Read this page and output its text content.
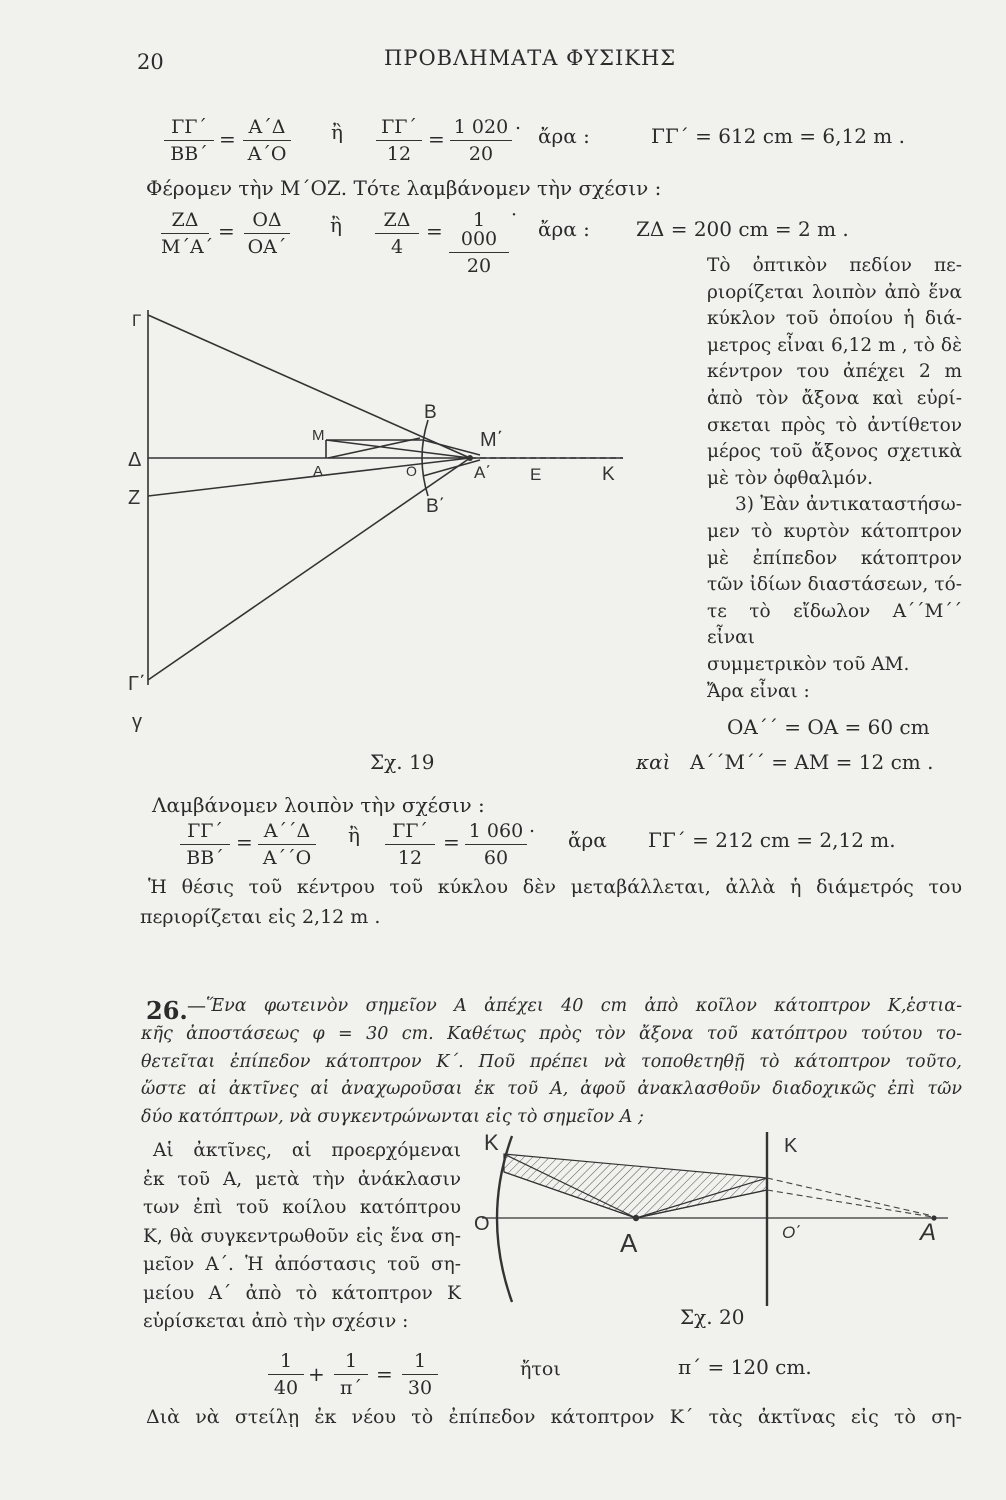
20	ΠΡΟΒΛΗΜΑΤΑ ΦΥΣΙΚΗΣ
$\frac{\Gamma\Gamma΄}{BB΄} = \frac{A΄\Delta}{A΄O}$ ἢ $\frac{\Gamma\Gamma΄}{12} = \frac{1 020}{20}$ .
ἄρα :	ΓΓ΄ = 612 cm = 6,12 m .
Φέρομεν τὴν Μ΄ΟΖ. Τότε λαμβάνομεν τὴν σχέσιν :
$\frac{Z\Delta}{M΄A΄} = \frac{O\Delta}{OA΄}$ ἢ $\frac{Z\Delta}{4} = \frac{1 000}{20}$ ·
ἄρα : ΖΔ = 200 cm = 2 m .
Τὸ ὀπτικὸν πεδίον πε-
ριορίζεται λοιπὸν ἀπὸ ἕνα
κύκλον τοῦ ὁποίου ἡ διά-
μετρος εἶναι 6,12 m , τὸ δὲ
κέντρον του ἀπέχει 2 m
ἀπὸ τὸν ἄξονα καὶ εὑρί-
σκεται πρὸς τὸ ἀντίθετον
μέρος τοῦ ἄξονος σχετικὰ
μὲ τὸν ὀφθαλμόν.
3) Ἐὰν ἀντικαταστήσω-
μεν τὸ κυρτὸν κάτοπτρον
μὲ ἐπίπεδον κάτοπτρον
τῶν ἰδίων διαστάσεων, τό-
τε τὸ εἴδωλον Α΄΄Μ΄΄ εἶναι
συμμετρικὸν τοῦ ΑΜ.
Ἄρα εἶναι :
ΟΑ΄΄ = ΟΑ = 60 cm
καὶ Α΄΄Μ΄΄ = ΑΜ = 12 cm .
Γ
Δ
Ζ
Γ΄
γ
Β
Β΄
Μ
Α	Ο
Μ΄
Α΄ Ε	Κ
Σχ. 19
Λαμβάνομεν λοιπὸν τὴν σχέσιν :
$\frac{\Gamma\Gamma΄}{BB΄} = \frac{A΄΄\Delta}{A΄΄O}$ ἢ $\frac{\Gamma\Gamma΄}{12} = \frac{1 060}{60}$ .
ἄρα ΓΓ΄ = 212 cm = 2,12 m.
Ἡ θέσις τοῦ κέντρου τοῦ κύκλου δὲν μεταβάλλεται, ἀλλὰ ἡ διάμετρός του
περιορίζεται εἰς 2,12 m .
26. — Ἕνα φωτεινὸν σημεῖον Α ἀπέχει 40 cm ἀπὸ κοῖλον κάτοπτρον Κ,ἑστια-
κῆς ἀποστάσεως φ = 30 cm. Καθέτως πρὸς τὸν ἄξονα τοῦ κατόπτρου τούτου το-
θετεῖται ἐπίπεδον κάτοπτρον Κ΄. Ποῦ πρέπει νὰ τοποθετηθῇ τὸ κάτοπτρον τοῦτο,
ὥστε αἱ ἀκτῖνες αἱ ἀναχωροῦσαι ἐκ τοῦ Α, ἀφοῦ ἀνακλασθοῦν διαδοχικῶς ἐπὶ τῶν
δύο κατόπτρων, νὰ συγκεντρώνωνται εἰς τὸ σημεῖον Α ;
Αἱ ἀκτῖνες, αἱ προερχόμεναι
ἐκ τοῦ Α, μετὰ τὴν ἀνάκλασιν
των ἐπὶ τοῦ κοίλου κατόπτρου
Κ, θὰ συγκεντρωθοῦν εἰς ἕνα ση-
μεῖον Α΄. Ἡ ἀπόστασις τοῦ ση-
μείου Α΄ ἀπὸ τὸ κάτοπτρον Κ
εὑρίσκεται ἀπὸ τὴν σχέσιν :
Κ	Κ
Ο
Α	Ο΄	Α
Σχ. 20
$\frac{1}{40} + \frac{1}{\pi΄} = \frac{1}{30}$	ἤτοι	π΄ = 120 cm.
Διὰ νὰ στείλῃ ἐκ νέου τὸ ἐπίπεδον κάτοπτρον Κ΄ τὰς ἀκτῖνας εἰς τὸ ση-
